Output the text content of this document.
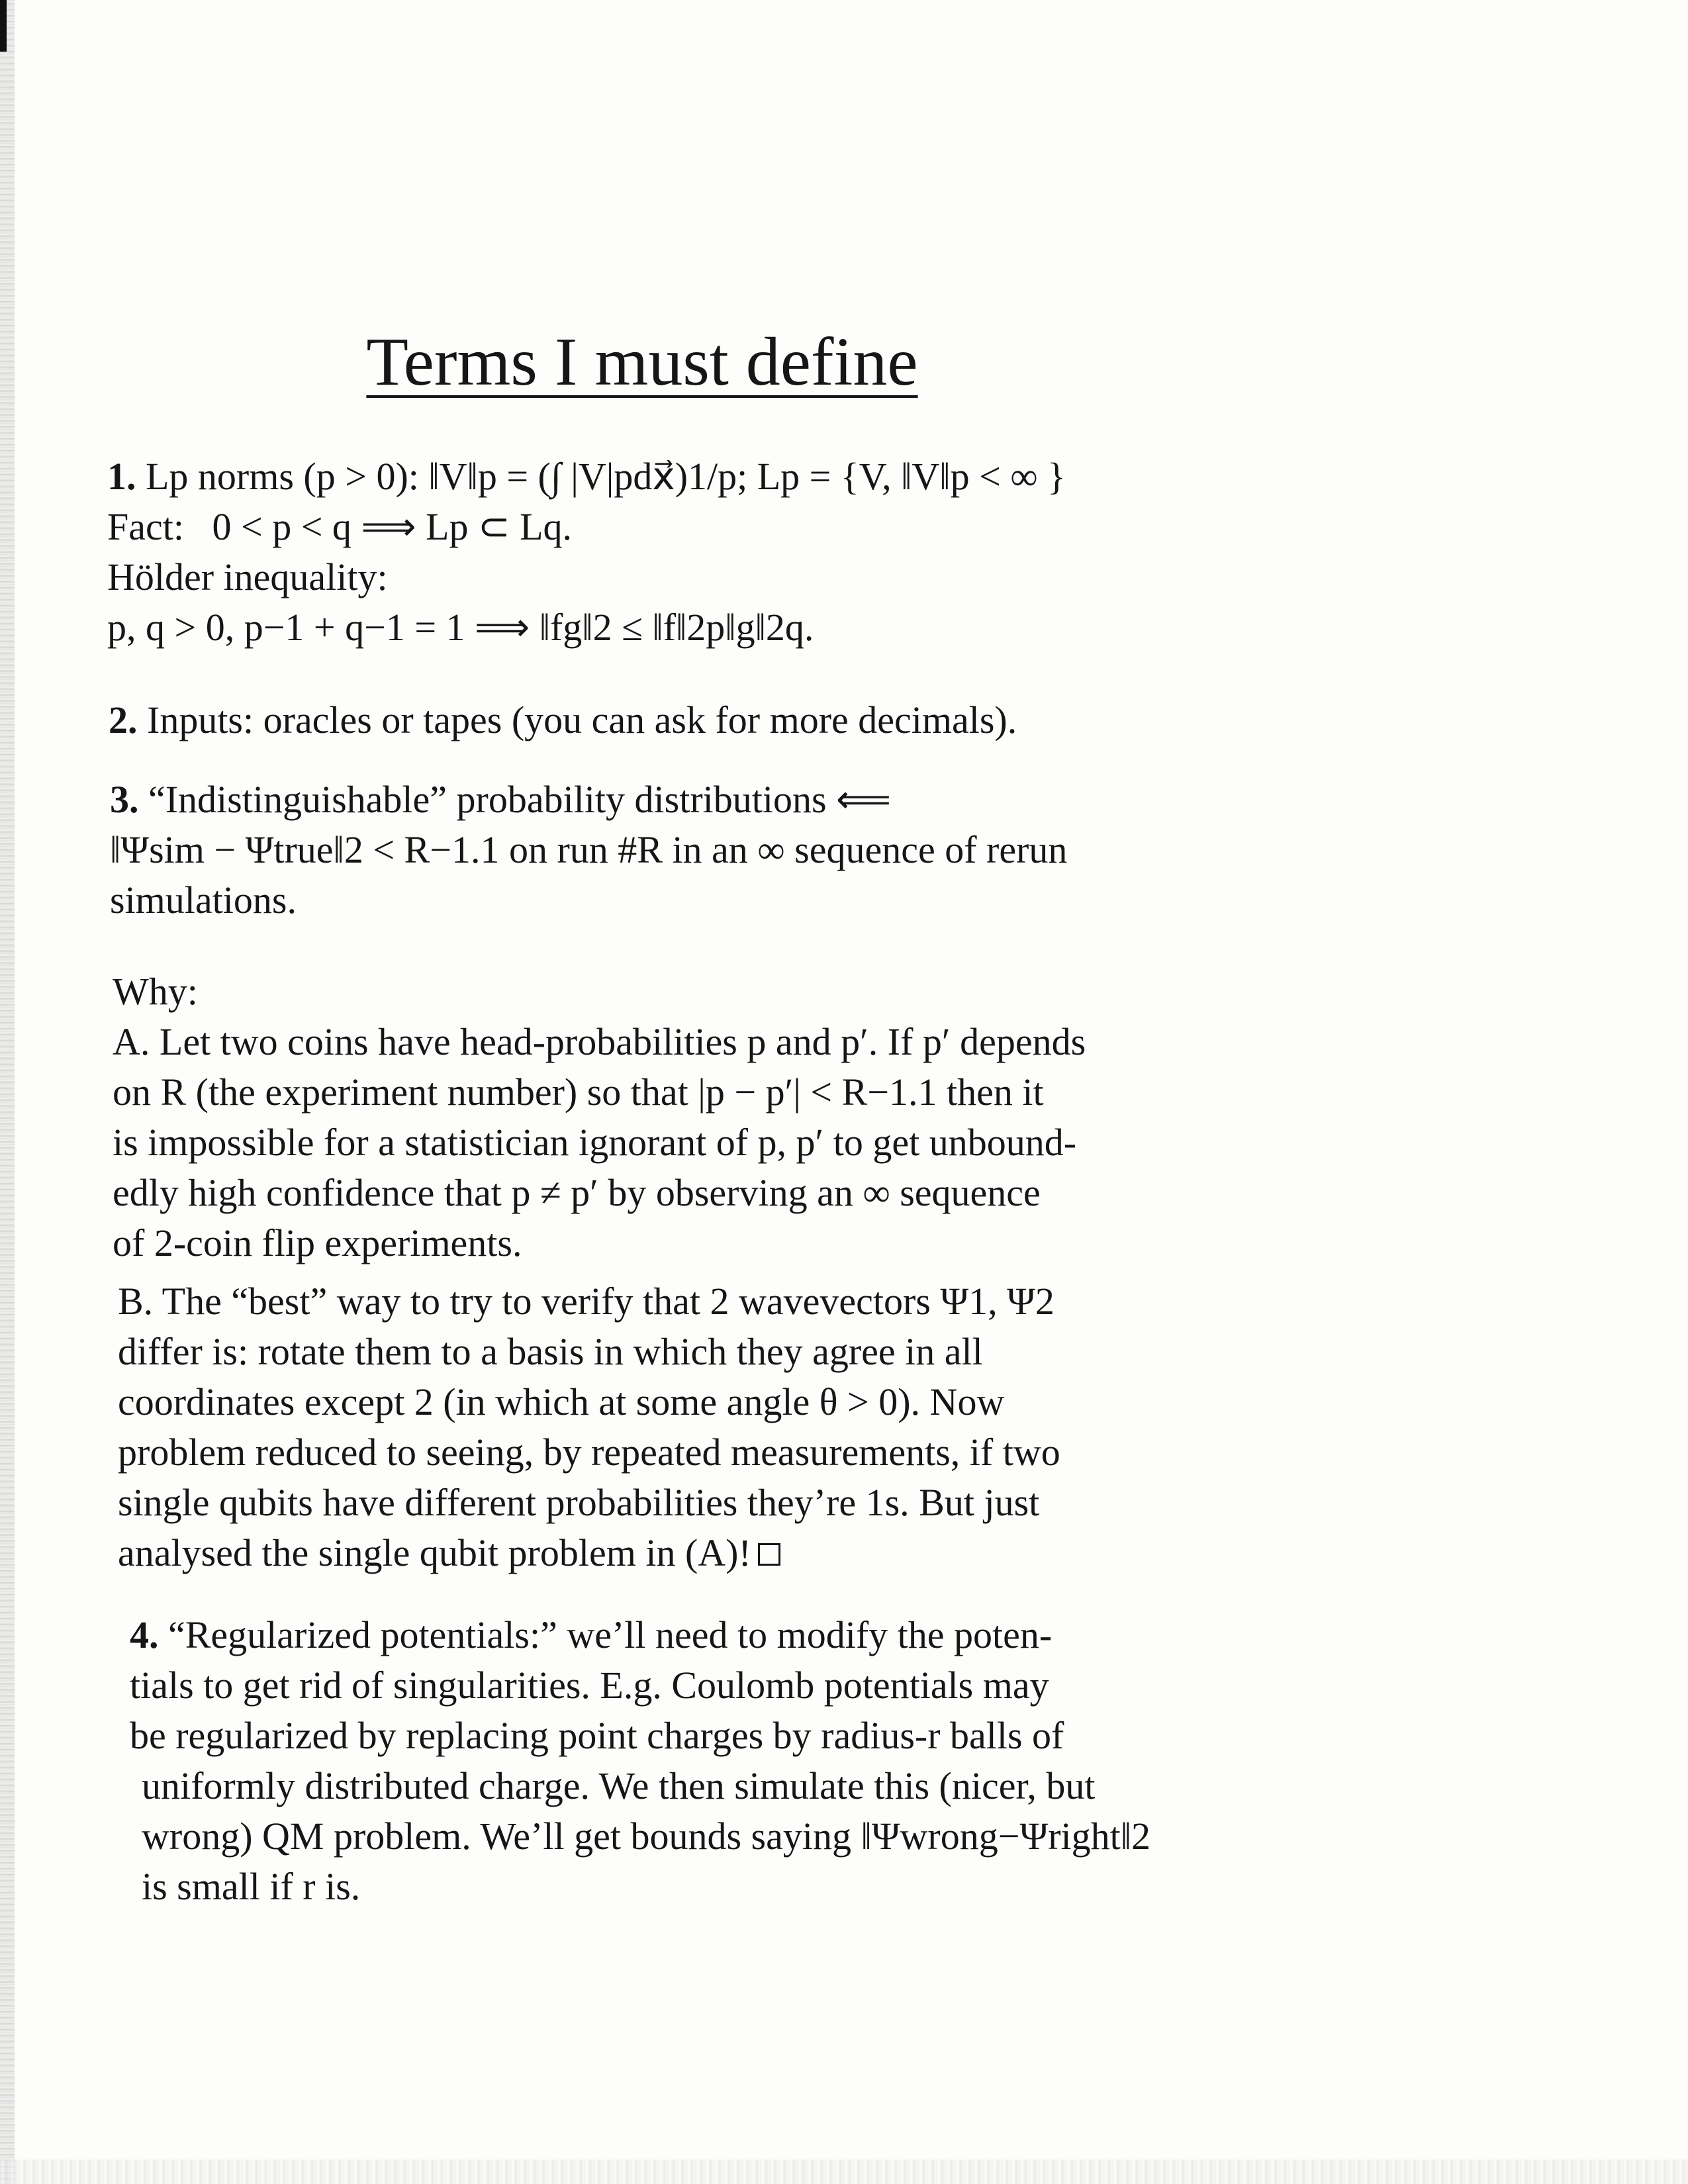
Terms I must define
1. Lp norms (p > 0): ‖V‖p = (∫ |V|pdx⃗)1/p; Lp = {V, ‖V‖p < ∞ }
Fact: 0 < p < q ⟹ Lp ⊂ Lq.
Hölder inequality:
p, q > 0, p−1 + q−1 = 1 ⟹ ‖fg‖2 ≤ ‖f‖2p‖g‖2q.
2. Inputs: oracles or tapes (you can ask for more decimals).
3. “Indistinguishable” probability distributions ⟸
‖Ψsim − Ψtrue‖2 < R−1.1 on run #R in an ∞ sequence of rerun
simulations.
Why:
A. Let two coins have head-probabilities p and p′. If p′ depends
on R (the experiment number) so that |p − p′| < R−1.1 then it
is impossible for a statistician ignorant of p, p′ to get unbound-
edly high confidence that p ≠ p′ by observing an ∞ sequence
of 2-coin flip experiments.
B. The “best” way to try to verify that 2 wavevectors Ψ1, Ψ2
differ is: rotate them to a basis in which they agree in all
coordinates except 2 (in which at some angle θ > 0). Now
problem reduced to seeing, by repeated measurements, if two
single qubits have different probabilities they’re 1s. But just
analysed the single qubit problem in (A)!
4. “Regularized potentials:” we’ll need to modify the poten-
tials to get rid of singularities. E.g. Coulomb potentials may
be regularized by replacing point charges by radius-r balls of
uniformly distributed charge. We then simulate this (nicer, but
wrong) QM problem. We’ll get bounds saying ‖Ψwrong−Ψright‖2
is small if r is.
